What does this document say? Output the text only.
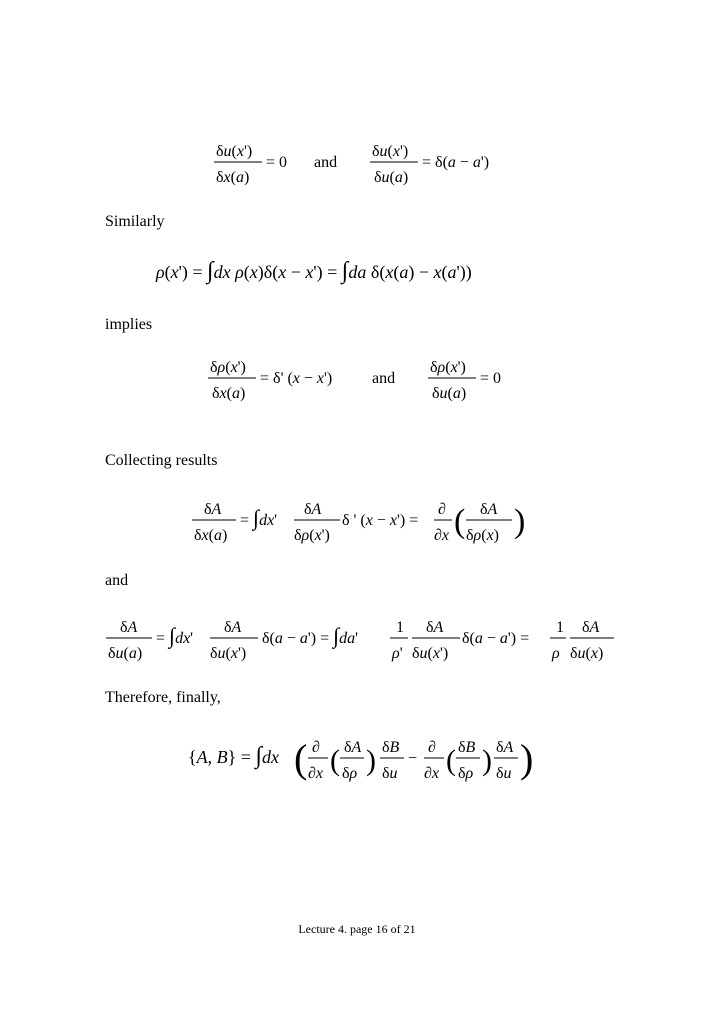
δu(x')
δx(a)
= 0 and
δu(x')
δu(a)
= δ(a − a')
Similarly
ρ(x') = ∫dx ρ(x)δ(x − x') = ∫da δ(x(a) − x(a'))
implies
δρ(x')
δx(a)
= δ' (x − x') and
δρ(x')
δu(a)
= 0
Collecting results
δA
δx(a)
= ∫dx'
δA
δρ(x')
δ ' (x − x') =
∂
∂x ( δA
δρ(x) )
and
δA
δu(a)
= ∫dx'
δA
δu(x')
δ(a − a') = ∫da'
1
ρ'
δA
δu(x')
δ(a − a') =
1
ρ
δA
δu(x)
Therefore, finally,
{A, B} = ∫dx ( ∂
∂x ( δA
δρ ) δB
δu
−
∂
∂x ( δB
δρ ) δA
δu )
Lecture 4. page 16 of 21
